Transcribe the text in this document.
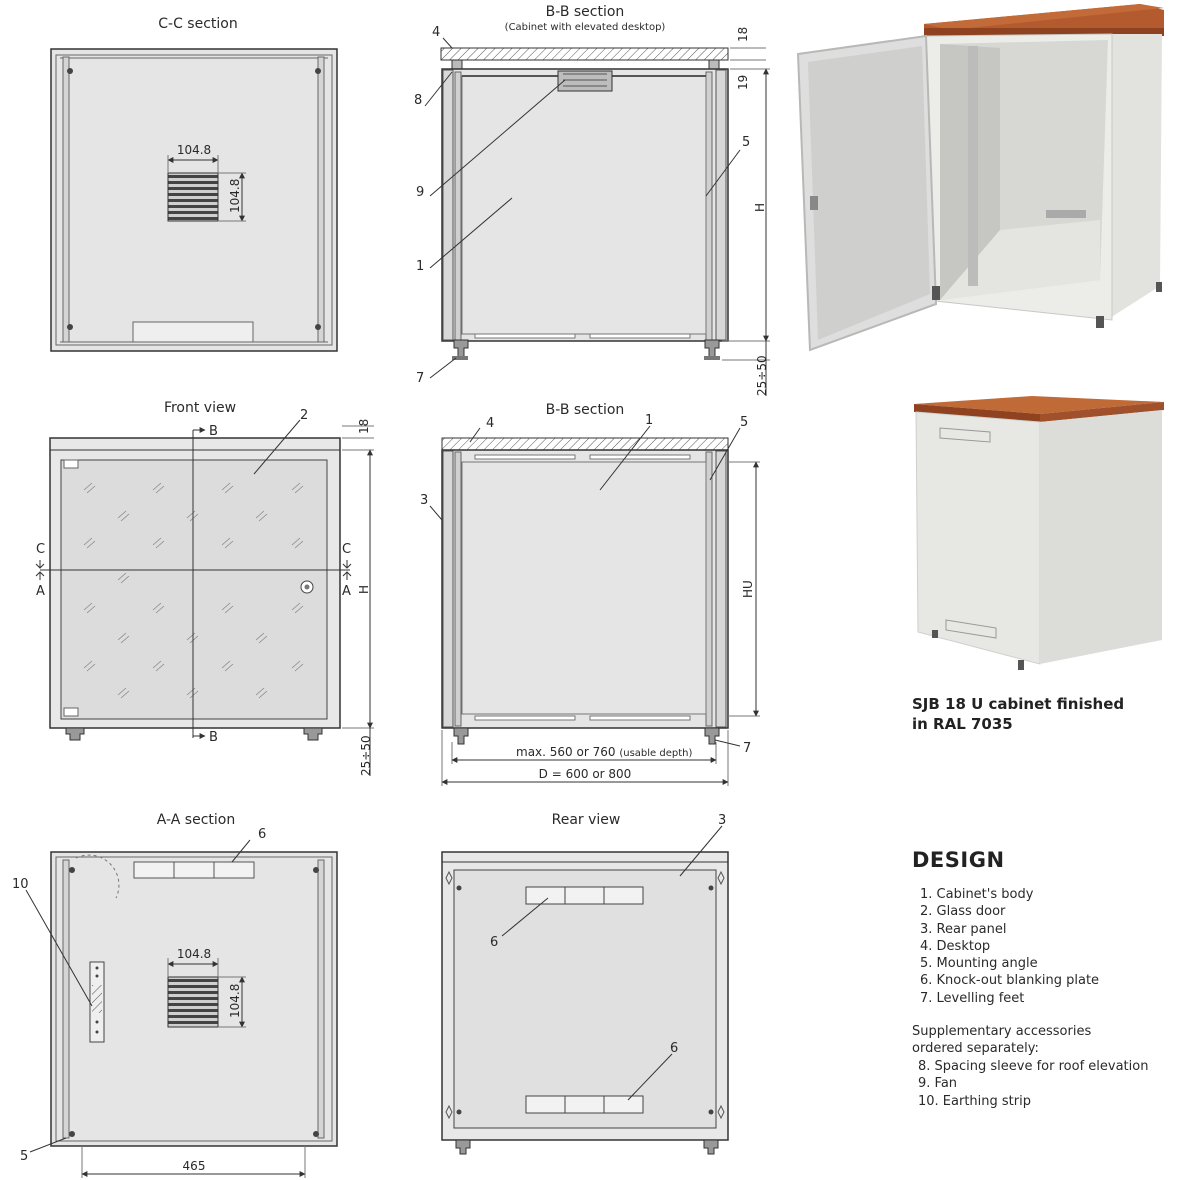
C-C section
104.8
104.8
B-B section
(Cabinet with elevated desktop)	18
19
H
25÷50
4
8
9
1
5
7
Front view
B
B
C
A
C
A
18
H
25÷50
2	B-B section
HU
max. 560 or 760 (usable depth)
D = 600 or 800
4	1	5
3
7
A-A section
104.8
104.8
10
6
5
465
Rear view	3
6
6
SJB 18 U cabinet finished
in RAL 7035
DESIGN
1. Cabinet's body
2. Glass door
3. Rear panel
4. Desktop
5. Mounting angle
6. Knock-out blanking plate
7. Levelling feet

Supplementary accessories
ordered separately:

8. Spacing sleeve for roof elevation
9. Fan
10. Earthing strip
